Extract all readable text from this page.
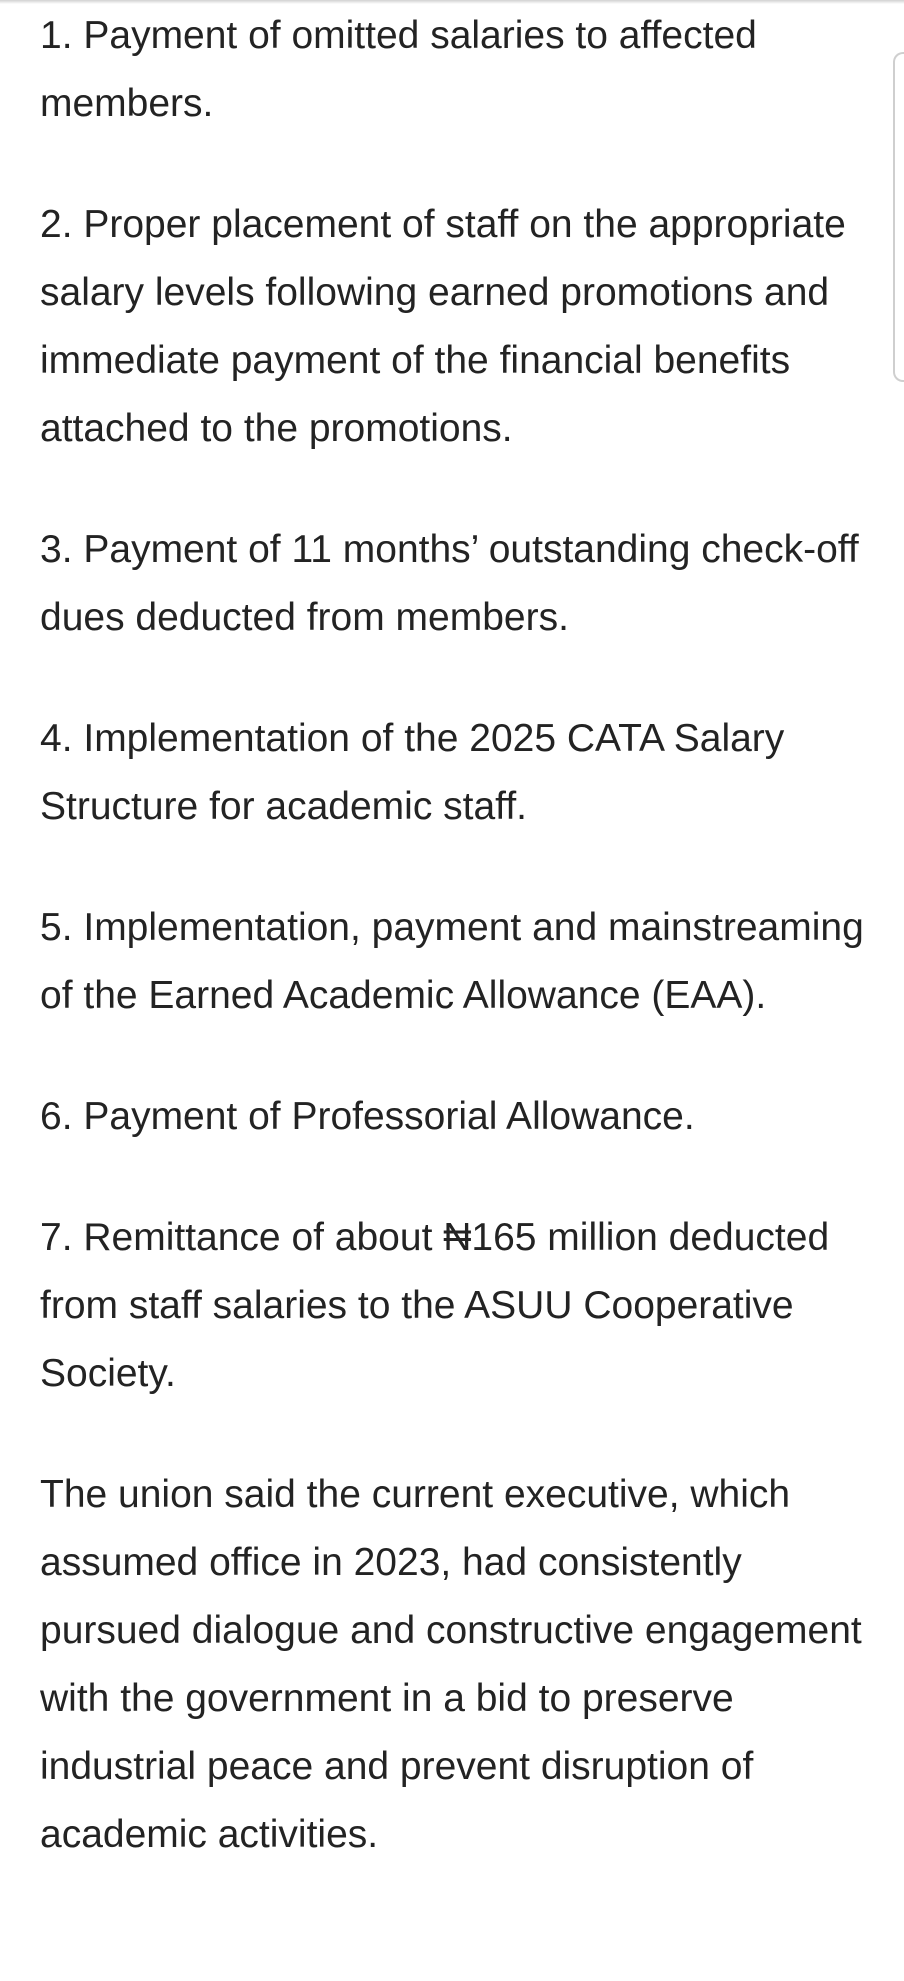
1. Payment of omitted salaries to affected members.

2. Proper placement of staff on the appropriate salary levels following earned promotions and immediate payment of the financial benefits attached to the promotions.

3. Payment of 11 months’ outstanding check-off dues deducted from members.

4. Implementation of the 2025 CATA Salary Structure for academic staff.

5. Implementation, payment and mainstreaming of the Earned Academic Allowance (EAA).

6. Payment of Professorial Allowance.

7. Remittance of about ₦165 million deducted from staff salaries to the ASUU Cooperative Society.

The union said the current executive, which assumed office in 2023, had consistently pursued dialogue and constructive engagement with the government in a bid to preserve industrial peace and prevent disruption of academic activities.
